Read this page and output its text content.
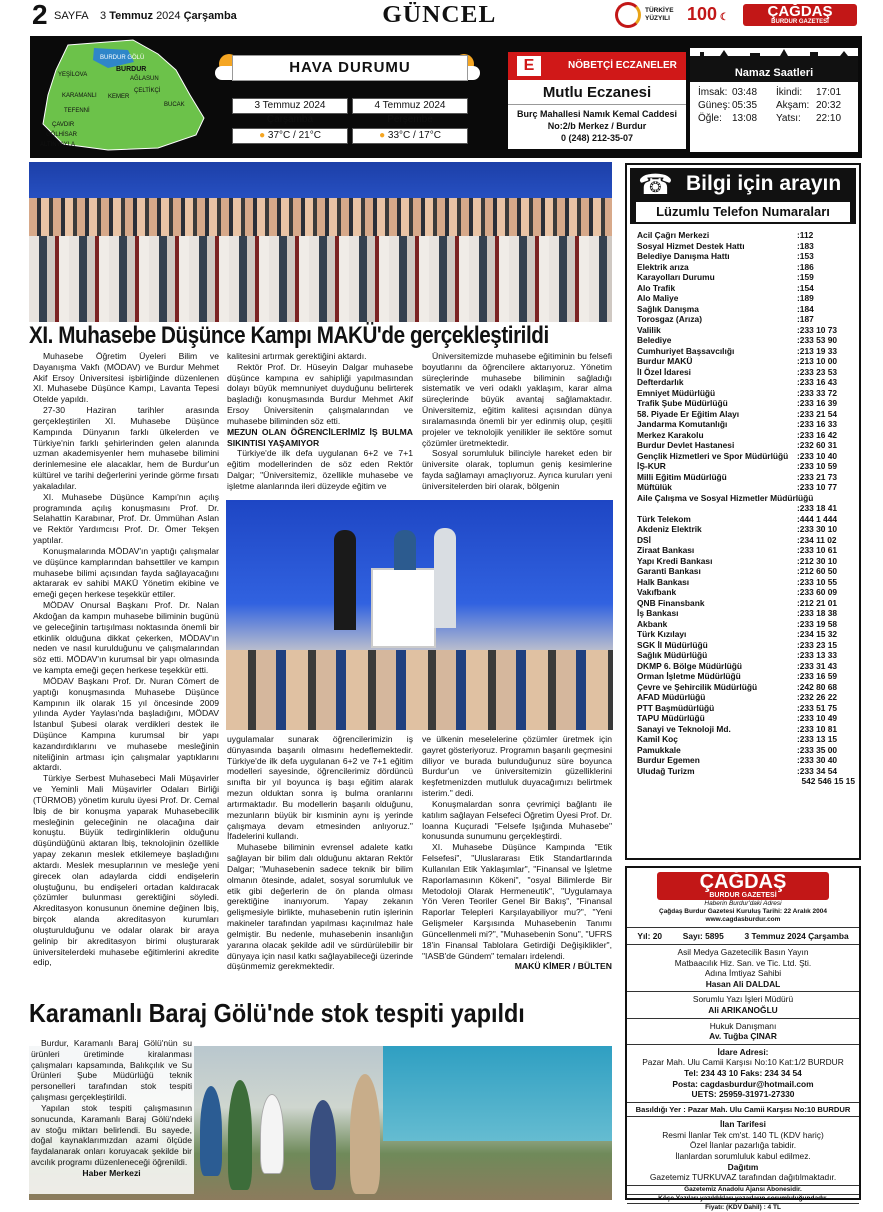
2 SAYFA 3 Temmuz 2024 Çarşamba	GÜNCEL	TÜRKİYE YÜZYILI 100 ☾	ÇAĞDAŞ
BURDUR GAZETESİ
BURDUR GÖLÜ
BURDUR
YEŞİLOVA
AĞLASUN
ÇELTİKÇİ
KARAMANLI KEMER
BUCAK
TEFENNİ
ÇAVDIR
GÖLHİSAR
ALTINYAYLA
HAVA DURUMU
3 Temmuz 2024 Çarşamba
4 Temmuz 2024 Perşembe
● 37°C / 21°C	● 33°C / 17°C
NÖBETÇİ ECZANELER
E
Mutlu Eczanesi
Burç Mahallesi Namık Kemal Caddesi
No:2/b Merkez / Burdur
0 (248) 212-35-07
Namaz Saatleri
İmsak: 03:48	İkindi:	17:01
Güneş: 05:35	Akşam: 20:32
Öğle:	13:08	Yatsı:	22:10
XI. Muhasebe Düşünce Kampı MAKÜ'de gerçekleştirildi

Muhasebe Öğretim Üyeleri Bilim ve Dayanışma Vakfı (MÖDAV) ve Burdur Mehmet Akif Ersoy Üniversitesi işbirliğinde düzenlenen XI. Muhasebe Düşünce Kampı, Lavanta Tepesi Otelde yapıldı.

27-30 Haziran tarihler arasında gerçekleştirilen XI. Muhasebe Düşünce Kampında Dünyanın farklı ülkelerden ve Türkiye'nin farklı şehirlerinden gelen alanında uzman akademisyenler hem muhasebe bilimini derinlemesine ele alacaklar, hem de Burdur'un kültürel ve tarihi değerlerini yerinde görme fırsatı yakaladılar.

XI. Muhasebe Düşünce Kampı'nın açılış programında açılış konuşmasını Prof. Dr. Selahattin Karabınar, Prof. Dr. Ümmühan Aslan ve Rektör Yardımcısı Prof. Dr. Ömer Tekşen yaptılar.

Konuşmalarında MÖDAV'ın yaptığı çalışmalar ve düşünce kamplarından bahsettiler ve kampın muhasebe bilimi açısından fayda sağlayacağını aktararak ev sahibi MAKÜ Yönetim ekibine ve emeği geçen herkese teşekkür ettiler.

MÖDAV Onursal Başkanı Prof. Dr. Nalan Akdoğan da kampın muhasebe biliminin bugünü ve geleceğinin tartışılması noktasında önemli bir etkinlik olduğuna dikkat çekerken, MÖDAV'ın neden ve nasıl kurulduğunu ve çalışmalarından söz etti. MÖDAV'ın kurumsal bir yapı olmasında ve kampta emeği geçen herkese teşekkür etti.

MÖDAV Başkanı Prof. Dr. Nuran Cömert de yaptığı konuşmasında Muhasebe Düşünce Kampının ilk olarak 15 yıl öncesinde 2009 yılında Ayder Yaylası'nda başladığını, MÖDAV İstanbul Şubesi olarak verdikleri destek ile Düşünce Kampına kurumsal bir yapı kazandırdıklarını ve muhasebe mesleğinin niteliğinin artması için çalışmalar yaptıklarını aktardı.

Türkiye Serbest Muhasebeci Mali Müşavirler ve Yeminli Mali Müşavirler Odaları Birliği (TÜRMOB) yönetim kurulu üyesi Prof. Dr. Cemal İbiş de bir konuşma yaparak Muhasebecilik mesleğinin geleceğinin ne olacağına dair konuştu. Büyük tedirginliklerin olduğunu düşündüğünü aktaran İbiş, teknolojinin özellikle yapay zekanın meslek etkilemeye başladığını aktardı. Meslek mesuplarının ve mesleğe yeni girecek olan adaylarda ciddi endişelerin oluştuğunu, bu endişeleri ortadan kaldıracak çözümler bulunması gerektiğini söyledi. Akreditasyon konusunun önemine değinen İbiş, birçok alanda akreditasyon kurumları oluşturulduğunu ve odalar olarak bir araya gelinip bir akreditasyon birimi oluşturarak üniversitelerdeki muhasebe eğitimlerini akredite edip,

kalitesini artırmak gerektiğini aktardı.

Rektör Prof. Dr. Hüseyin Dalgar muhasebe düşünce kampına ev sahipliği yapılmasından dolayı büyük memnuniyet duyduğunu belirterek başladığı konuşmasında Burdur Mehmet Akif Ersoy Üniversitenin çalışmalarından ve muhasebe biliminden söz etti.

MEZUN OLAN ÖĞRENCİLERİMİZ İŞ BULMA SIKINTISI YAŞAMIYOR

Türkiye'de ilk defa uygulanan 6+2 ve 7+1 eğitim modellerinden de söz eden Rektör Dalgar; "Üniversitemiz, özellikle muhasebe ve işletme alanlarında ileri düzeyde eğitim ve

Üniversitemizde muhasebe eğitiminin bu felsefi boyutlarını da öğrencilere aktarıyoruz. Yönetim süreçlerinde muhasebe biliminin sağladığı sistematik ve veri odaklı yaklaşım, karar alma süreçlerinde büyük avantaj sağlamaktadır. Üniversitemiz, eğitim kalitesi açısından dünya sıralamasında önemli bir yer edinmiş olup, çeşitli projeler ve teknolojik yenilikler ile sektöre somut çözümler üretmektedir.

Sosyal sorumluluk bilinciyle hareket eden bir üniversite olarak, toplumun geniş kesimlerine fayda sağlamayı amaçlıyoruz. Ayrıca kuruları yeni üniversitelerden biri olarak, bölgenin

uygulamalar sunarak öğrencilerimizin iş dünyasında başarılı olmasını hedeflemektedir. Türkiye'de ilk defa uygulanan 6+2 ve 7+1 eğitim modelleri sayesinde, öğrencilerimiz dördüncü sınıfta bir yıl boyunca iş başı eğitim alarak mezun olduktan sonra iş bulma oranlarını artırmaktadır. Bu modellerin başarılı olduğunu, mezunların büyük bir kısminin aynı iş yerinde çalışmaya devam etmesinden anlıyoruz." İfadelerini kullandı.

Muhasebe biliminin evrensel adalete katkı sağlayan bir bilim dalı olduğunu aktaran Rektör Dalgar; "Muhasebenin sadece teknik bir bilim olmanın ötesinde, adalet, sosyal sorumluluk ve etik gibi değerlerin de ön planda olması gerektiğine inanıyorum. Yapay zekanın gelişmesiyle birlikte, muhasebenin rutin işlerinin makineler tarafından yapılması kaçınılmaz hale gelmiştir. Bu nedenle, muhasebenin insanlığın yararına olacak şekilde adil ve sürdürülebilir bir dünyaya için nasıl katkı sağlayabileceği üzerinde düşünmemiz gerekmektedir.

ve ülkenin meselelerine çözümler üretmek için gayret gösteriyoruz. Programın başarılı geçmesini diliyor ve burada bulunduğunuz süre boyunca Burdur'un ve üniversitemizin güzelliklerini keşfetmenizden mutluluk duyacağımızı belirtmek isterim." dedi.

Konuşmalardan sonra çevrimiçi bağlantı ile katılım sağlayan Felsefeci Öğretim Üyesi Prof. Dr. Ioanna Kuçuradi "Felsefe Işığında Muhasebe" konusunda sunumunu gerçekleştirdi.

XI. Muhasebe Düşünce Kampında "Etik Felsefesi", "Uluslararası Etik Standartlarında Kullanılan Etik Yaklaşımlar", "Finansal ve İşletme Raporlamasının Kökeni", "osyal Bilimlerde Bir Metodoloji Olarak Hermeneutik", "Uygulamaya Yön Veren Teoriler Genel Bir Bakış", "Finansal Raporlar Telepleri Karşılayabiliyor mu?", "Yeni Gelişmeler Karşısında Muhasebenin Tanımı Güncellenmeli mi?", "Muhasebenin Sonu", "UFRS 18'in Finansal Tablolara Getirdiği Değişiklikler", "IASB'de Gündem" temaları irdelendi.

MAKÜ KİMER / BÜLTEN
Karamanlı Baraj Gölü'nde stok tespiti yapıldı

Burdur, Karamanlı Baraj Gölü'nün su ürünleri üretiminde kiralanması çalışmaları kapsamında, Balıkçılık ve Su Ürünleri Şube Müdürlüğü teknik personelleri tarafından stok tespiti çalışması gerçekleştirildi.

Yapılan stok tespiti çalışmasının sonucunda, Karamanlı Baraj Gölü'ndeki av stoğu miktarı belirlendi. Bu sayede, doğal kaynaklarımızdan azami ölçüde faydalanarak onları koruyacak şekilde bir avcılık programı düzenleneceği öğrenildi.

Haber Merkezi
☎ Bilgi için arayın
Lüzumlu Telefon Numaraları
Acil Çağrı Merkezi	:112
Sosyal Hizmet Destek Hattı	:183
Belediye Danışma Hattı	:153
Elektrik arıza	:186
Karayolları Durumu	:159
Alo Trafik	:154
Alo Maliye	:189
Sağlık Danışma	:184
Torosgaz (Arıza)	:187
Valilik	:233 10 73
Belediye	:233 53 90
Cumhuriyet Başsavcılığı	:213 19 33
Burdur MAKÜ	:213 10 00
İl Özel İdaresi	:233 23 53
Defterdarlık	:233 16 43
Emniyet Müdürlüğü	:233 33 72
Trafik Şube Müdürlüğü	:233 16 39
58. Piyade Er Eğitim Alayı	:233 21 54
Jandarma Komutanlığı	:233 16 33
Merkez Karakolu	:233 16 42
Burdur Devlet Hastanesi	:232 60 31
Gençlik Hizmetleri ve Spor Müdürlüğü	:233 10 40
İŞ-KUR	:233 10 59
Milli Eğitim Müdürlüğü	:233 21 73
Müftülük	:233 10 77
Aile Çalışma ve Sosyal Hizmetler Müdürlüğü
:233 18 41
Türk Telekom	:444 1 444
Akdeniz Elektrik	:233 30 10
DSİ	:234 11 02
Ziraat Bankası	:233 10 61
Yapı Kredi Bankası	:212 30 10
Garanti Bankası	:212 60 50
Halk Bankası	:233 10 55
Vakıfbank	:233 60 09
QNB Finansbank	:212 21 01
İş Bankası	:233 18 38
Akbank	:233 19 58
Türk Kızılayı	:234 15 32
SGK İl Müdürlüğü	:233 23 15
Sağlık Müdürlüğü	:233 13 33
DKMP 6. Bölge Müdürlüğü	:233 31 43
Orman İşletme Müdürlüğü	:233 16 59
Çevre ve Şehircilik Müdürlüğü	:242 80 68
AFAD Müdürlüğü	:232 26 22
PTT Başmüdürlüğü	:233 51 75
TAPU Müdürlüğü	:233 10 49
Sanayi ve Teknoloji Md.	:233 10 81
Kamil Koç	:233 13 15
Pamukkale	:233 35 00
Burdur Egemen	:233 30 40
Uludağ Turizm	:233 34 54
542 546 15 15
ÇAĞDAŞ
BURDUR GAZETESİ
Haberin Burdur'daki Adresi
Çağdaş Burdur Gazetesi Kuruluş Tarihi: 22 Aralık 2004
www.cagdasburdur.com
Yıl: 20 Sayı: 5895 3 Temmuz 2024 Çarşamba
Asil Medya Gazetecilik Basın Yayın
Matbaacılık Hiz. San. ve Tic. Ltd. Şti.
Adına İmtiyaz Sahibi
Hasan Ali DALDAL
Sorumlu Yazı İşleri Müdürü
Ali ARIKANOĞLU
Hukuk Danışmanı
Av. Tuğba ÇINAR
İdare Adresi:
Pazar Mah. Ulu Camii Karşısı No:10 Kat:1/2 BURDUR
Tel: 234 43 10 Faks: 234 34 54
Posta: cagdasburdur@hotmail.com
UETS: 25959-31971-27330
Basıldığı Yer : Pazar Mah. Ulu Camii Karşısı No:10 BURDUR
İlan Tarifesi
Resmi İlanlar Tek cm'st. 140 TL (KDV hariç)
Özel İlanlar pazarlığa tabidir.
İlanlardan sorumluluk kabul edilmez.
Dağıtım
Gazetemiz TURKUVAZ tarafından dağıtılmaktadır.
Gazetemiz Anadolu Ajansı Abonesidir.
Köşe Yazıları yazıldıkları yazarların sorumluluğundadır.
Fiyatı: (KDV Dahil) : 4 TL
